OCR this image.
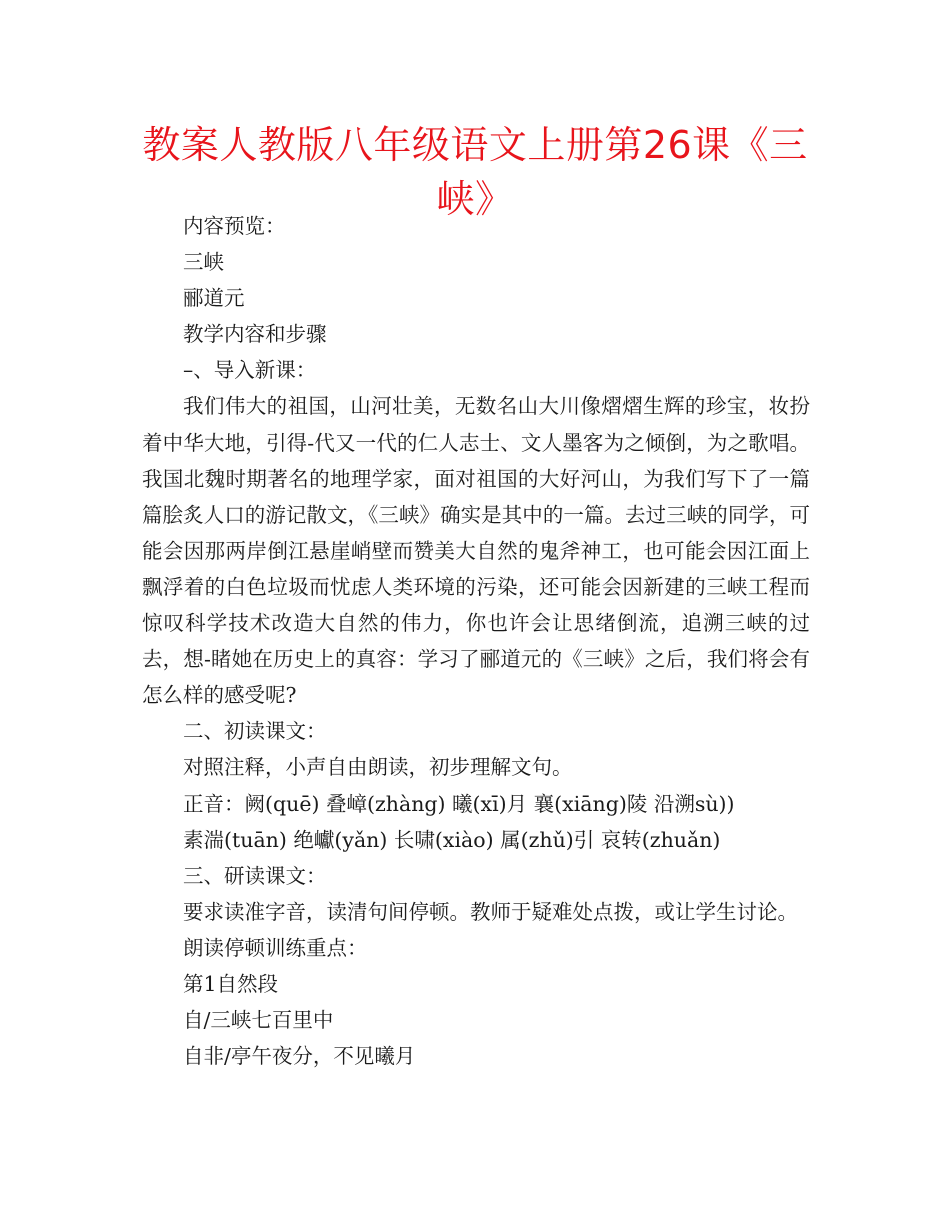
教案人教版八年级语文上册第26课《三峡》

内容预览：

三峡

郦道元

教学内容和步骤

–、导入新课：

我们伟大的祖国，山河壮美，无数名山大川像熠熠生辉的珍宝，妆扮着中华大地，引得-代又一代的仁人志士、文人墨客为之倾倒，为之歌唱。我国北魏时期著名的地理学家，面对祖国的大好河山，为我们写下了一篇篇脍炙人口的游记散文，《三峡》确实是其中的一篇。去过三峡的同学，可能会因那两岸倒江悬崖峭壁而赞美大自然的鬼斧神工，也可能会因江面上飘浮着的白色垃圾而忧虑人类环境的污染，还可能会因新建的三峡工程而惊叹科学技术改造大自然的伟力，你也许会让思绪倒流，追溯三峡的过去，想-睹她在历史上的真容：学习了郦道元的《三峡》之后，我们将会有怎么样的感受呢?

二、初读课文：

对照注释，小声自由朗读，初步理解文句。

正音：阙(quē) 叠嶂(zhàng) 曦(xī)月 襄(xiāng)陵 沿溯sù))

素湍(tuān) 绝巘(yǎn) 长啸(xiào) 属(zhǔ)引 哀转(zhuǎn)

三、研读课文：

要求读准字音，读清句间停顿。教师于疑难处点拨，或让学生讨论。

朗读停顿训练重点：

第1自然段

自/三峡七百里中

自非/亭午夜分，不见曦月
